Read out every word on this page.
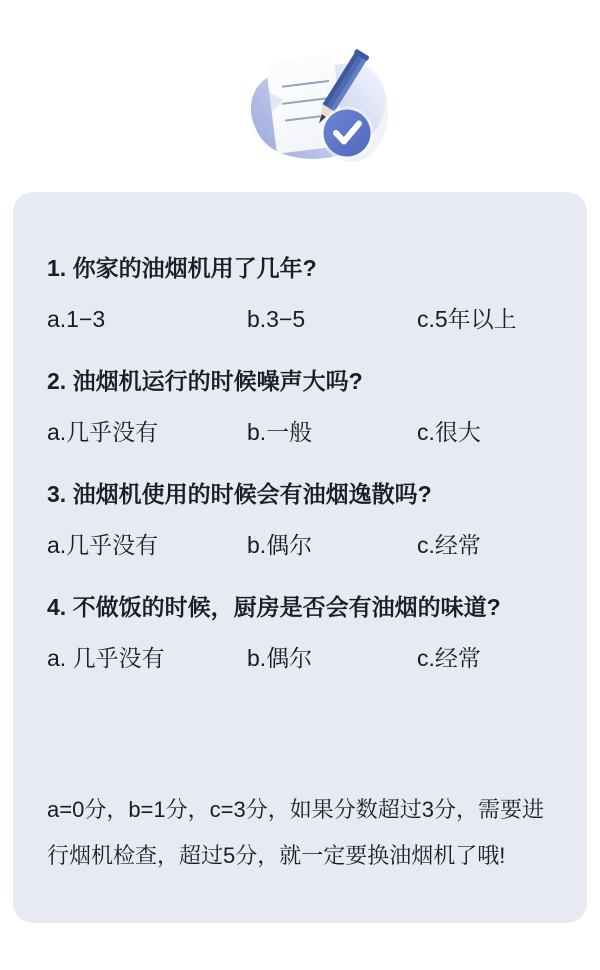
1. 你家的油烟机用了几年?
a.1−3	b.3−5	c.5年以上
2. 油烟机运行的时候噪声大吗?
a.几乎没有	b.一般	c.很大
3. 油烟机使用的时候会有油烟逸散吗?
a.几乎没有	b.偶尔	c.经常
4. 不做饭的时候，厨房是否会有油烟的味道?
a. 几乎没有	b.偶尔	c.经常
a=0分，b=1分，c=3分，如果分数超过3分，需要进行烟机检查，超过5分，就一定要换油烟机了哦!
